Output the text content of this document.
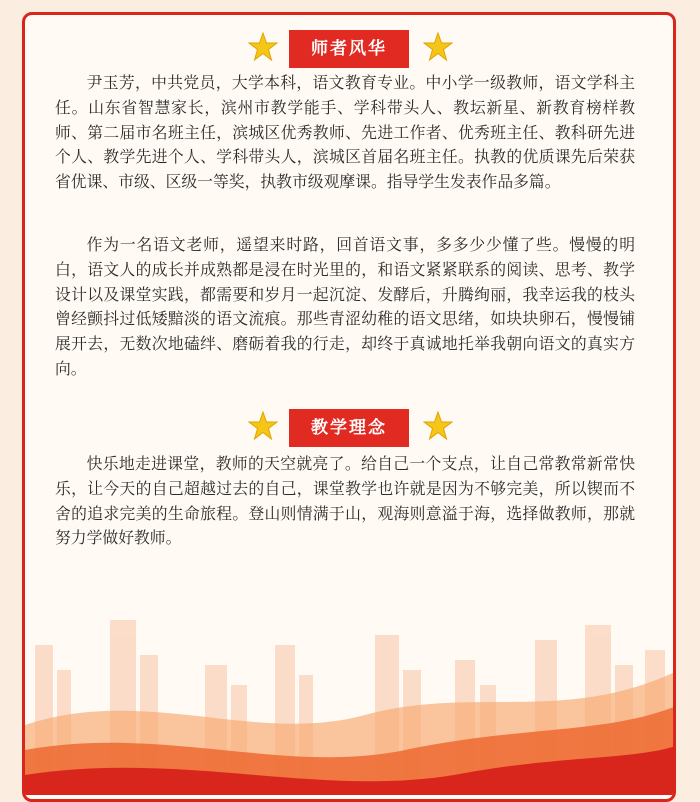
师者风华

尹玉芳，中共党员，大学本科，语文教育专业。中小学一级教师，语文学科主任。山东省智慧家长，滨州市教学能手、学科带头人、教坛新星、新教育榜样教师、第二届市名班主任，滨城区优秀教师、先进工作者、优秀班主任、教科研先进个人、教学先进个人、学科带头人，滨城区首届名班主任。执教的优质课先后荣获省优课、市级、区级一等奖，执教市级观摩课。指导学生发表作品多篇。

作为一名语文老师，遥望来时路，回首语文事，多多少少懂了些。慢慢的明白，语文人的成长并成熟都是浸在时光里的，和语文紧紧联系的阅读、思考、教学设计以及课堂实践，都需要和岁月一起沉淀、发酵后，升腾绚丽，我幸运我的枝头曾经颤抖过低矮黯淡的语文流痕。那些青涩幼稚的语文思绪，如块块卵石，慢慢铺展开去，无数次地磕绊、磨砺着我的行走，却终于真诚地托举我朝向语文的真实方向。

教学理念

快乐地走进课堂，教师的天空就亮了。给自己一个支点，让自己常教常新常快乐，让今天的自己超越过去的自己，课堂教学也许就是因为不够完美，所以锲而不舍的追求完美的生命旅程。登山则情满于山，观海则意溢于海，选择做教师，那就努力学做好教师。
